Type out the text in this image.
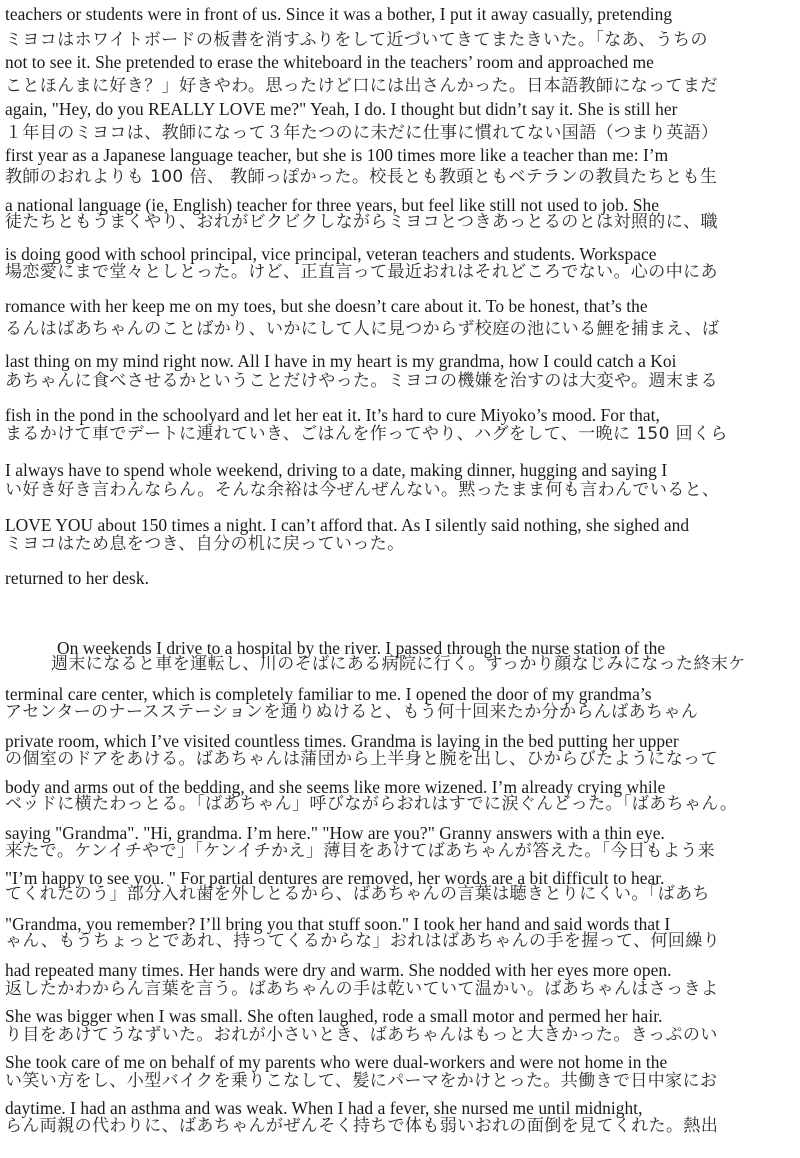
teachers or students were in front of us. Since it was a bother, I put it away casually, pretending
ミヨコはホワイトボードの板書を消すふりをして近づいてきてまたきいた。「なあ、うちの
not to see it. She pretended to erase the whiteboard in the teachers’ room and approached me
ことほんまに好き？」好きやわ。思ったけど口には出さんかった。日本語教師になってまだ
again, "Hey, do you REALLY LOVE me?" Yeah, I do. I thought but didn’t say it. She is still her
１年目のミヨコは、教師になって３年たつのに未だに仕事に慣れてない国語（つまり英語）
first year as a Japanese language teacher, but she is 100 times more like a teacher than me: I’m
教師のおれよりも 100 倍、 教師っぽかった。校長とも教頭ともベテランの教員たちとも生
a national language (ie, English) teacher for three years, but feel like still not used to job. She
徒たちともうまくやり、おれがビクビクしながらミヨコとつきあっとるのとは対照的に、職
is doing good with school principal, vice principal, veteran teachers and students. Workspace
場恋愛にまで堂々としとった。けど、正直言って最近おれはそれどころでない。心の中にあ
romance with her keep me on my toes, but she doesn’t care about it. To be honest, that’s the
るんはばあちゃんのことばかり、いかにして人に見つからず校庭の池にいる鯉を捕まえ、ば
last thing on my mind right now. All I have in my heart is my grandma, how I could catch a Koi
あちゃんに食べさせるかということだけやった。ミヨコの機嫌を治すのは大変や。週末まる
fish in the pond in the schoolyard and let her eat it. It’s hard to cure Miyoko’s mood. For that,
まるかけて車でデートに連れていき、ごはんを作ってやり、ハグをして、一晩に 150 回くら
I always have to spend whole weekend, driving to a date, making dinner, hugging and saying I
い好き好き言わんならん。そんな余裕は今ぜんぜんない。黙ったまま何も言わんでいると、
LOVE YOU about 150 times a night. I can’t afford that. As I silently said nothing, she sighed and
ミヨコはため息をつき、自分の机に戻っていった。
returned to her desk.
On weekends I drive to a hospital by the river. I passed through the nurse station of the
週末になると車を運転し、川のそばにある病院に行く。すっかり顔なじみになった終末ケ
terminal care center, which is completely familiar to me. I opened the door of my grandma’s
アセンターのナースステーションを通りぬけると、もう何十回来たか分からんばあちゃん
private room, which I’ve visited countless times. Grandma is laying in the bed putting her upper
の個室のドアをあける。ばあちゃんは蒲団から上半身と腕を出し、ひからびたようになって
body and arms out of the bedding, and she seems like more wizened. I’m already crying while
ベッドに横たわっとる。「ばあちゃん」呼びながらおれはすでに涙ぐんどった。「ばあちゃん。
saying "Grandma". "Hi, grandma. I’m here." "How are you?" Granny answers with a thin eye.
来たで。ケンイチやで」「ケンイチかえ」薄目をあけてばあちゃんが答えた。「今日もよう来
"I’m happy to see you. " For partial dentures are removed, her words are a bit difficult to hear.
てくれたのう」部分入れ歯を外しとるから、ばあちゃんの言葉は聴きとりにくい。「ばあち
"Grandma, you remember? I’ll bring you that stuff soon." I took her hand and said words that I
ゃん、もうちょっとであれ、持ってくるからな」おれはばあちゃんの手を握って、何回繰り
had repeated many times. Her hands were dry and warm. She nodded with her eyes more open.
返したかわからん言葉を言う。ばあちゃんの手は乾いていて温かい。ばあちゃんはさっきよ
She was bigger when I was small. She often laughed, rode a small motor and permed her hair.
り目をあけてうなずいた。おれが小さいとき、ばあちゃんはもっと大きかった。きっぷのい
She took care of me on behalf of my parents who were dual-workers and were not home in the
い笑い方をし、小型バイクを乗りこなして、髪にパーマをかけとった。共働きで日中家にお
daytime. I had an asthma and was weak. When I had a fever, she nursed me until midnight,
らん両親の代わりに、ばあちゃんがぜんそく持ちで体も弱いおれの面倒を見てくれた。熱出
